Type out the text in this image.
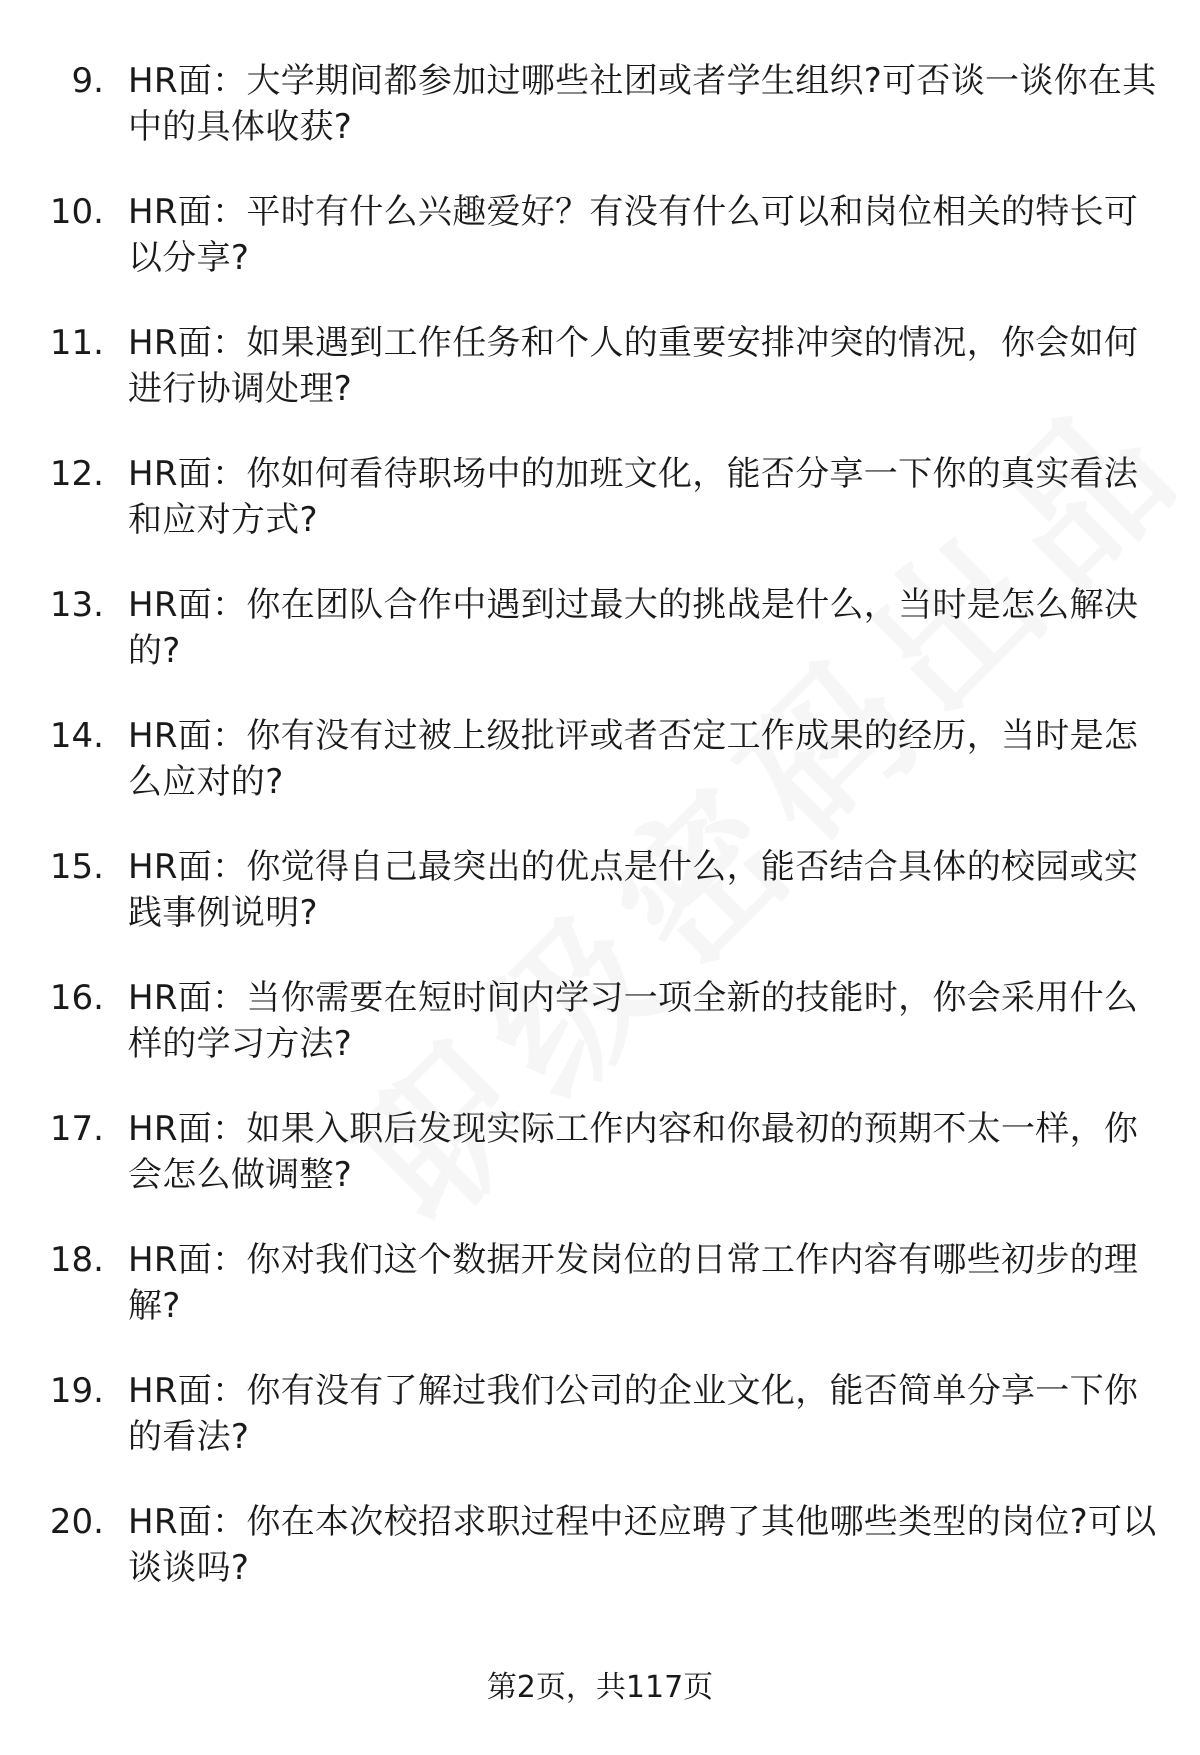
9. HR面：大学期间都参加过哪些社团或者学生组织?可否谈一谈你在其中的具体收获?
10. HR面：平时有什么兴趣爱好？有没有什么可以和岗位相关的特长可以分享?
11. HR面：如果遇到工作任务和个人的重要安排冲突的情况，你会如何进行协调处理?
12. HR面：你如何看待职场中的加班文化，能否分享一下你的真实看法和应对方式?
13. HR面：你在团队合作中遇到过最大的挑战是什么，当时是怎么解决的?
14. HR面：你有没有过被上级批评或者否定工作成果的经历，当时是怎么应对的?
15. HR面：你觉得自己最突出的优点是什么，能否结合具体的校园或实践事例说明?
16. HR面：当你需要在短时间内学习一项全新的技能时，你会采用什么样的学习方法?
17. HR面：如果入职后发现实际工作内容和你最初的预期不太一样，你会怎么做调整?
18. HR面：你对我们这个数据开发岗位的日常工作内容有哪些初步的理解?
19. HR面：你有没有了解过我们公司的企业文化，能否简单分享一下你的看法?
20. HR面：你在本次校招求职过程中还应聘了其他哪些类型的岗位?可以谈谈吗?
第2页，共117页
